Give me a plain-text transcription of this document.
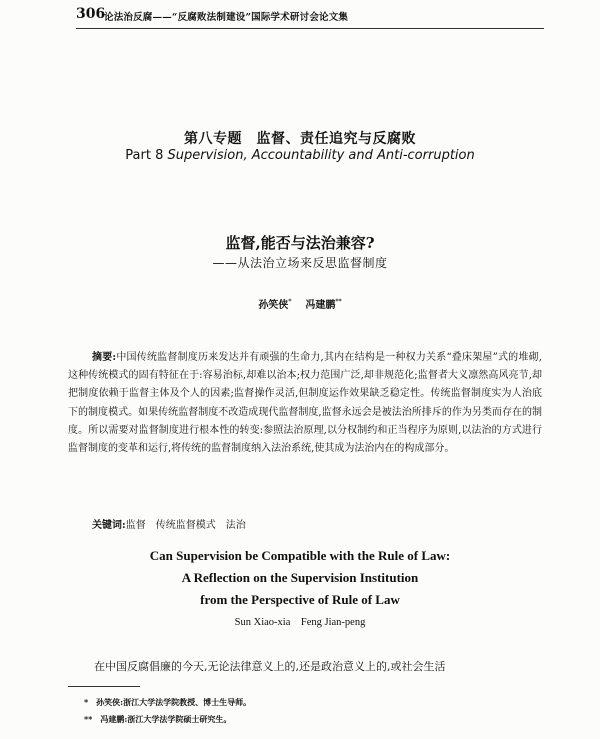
306
论法治反腐——“反腐败法制建设”国际学术研讨会论文集
第八专题　监督、责任追究与反腐败
Part 8 Supervision, Accountability and Anti-corruption
监督,能否与法治兼容?
——从法治立场来反思监督制度
孙笑侠* 冯建鹏**
摘要:中国传统监督制度历来发达并有顽强的生命力,其内在结构是一种权力关系“叠床架屋”式的堆砌,这种传统模式的固有特征在于:容易治标,却难以治本;权力范围广泛,却非规范化;监督者大义凛然高风亮节,却把制度依赖于监督主体及个人的因素;监督操作灵活,但制度运作效果缺乏稳定性。传统监督制度实为人治底下的制度模式。如果传统监督制度不改造成现代监督制度,监督永远会是被法治所排斥的作为另类而存在的制度。所以需要对监督制度进行根本性的转变:参照法治原理,以分权制约和正当程序为原则,以法治的方式进行监督制度的变革和运行,将传统的监督制度纳入法治系统,使其成为法治内在的构成部分。
关键词:监督　传统监督模式　法治
Can Supervision be Compatible with the Rule of Law:
A Reflection on the Supervision Institution
from the Perspective of Rule of Law
Sun Xiao-xia　Feng Jian-peng
在中国反腐倡廉的今天,无论法律意义上的,还是政治意义上的,或社会生活
*　孙笑侠:浙江大学法学院教授、博士生导师。
**　冯建鹏:浙江大学法学院硕士研究生。
